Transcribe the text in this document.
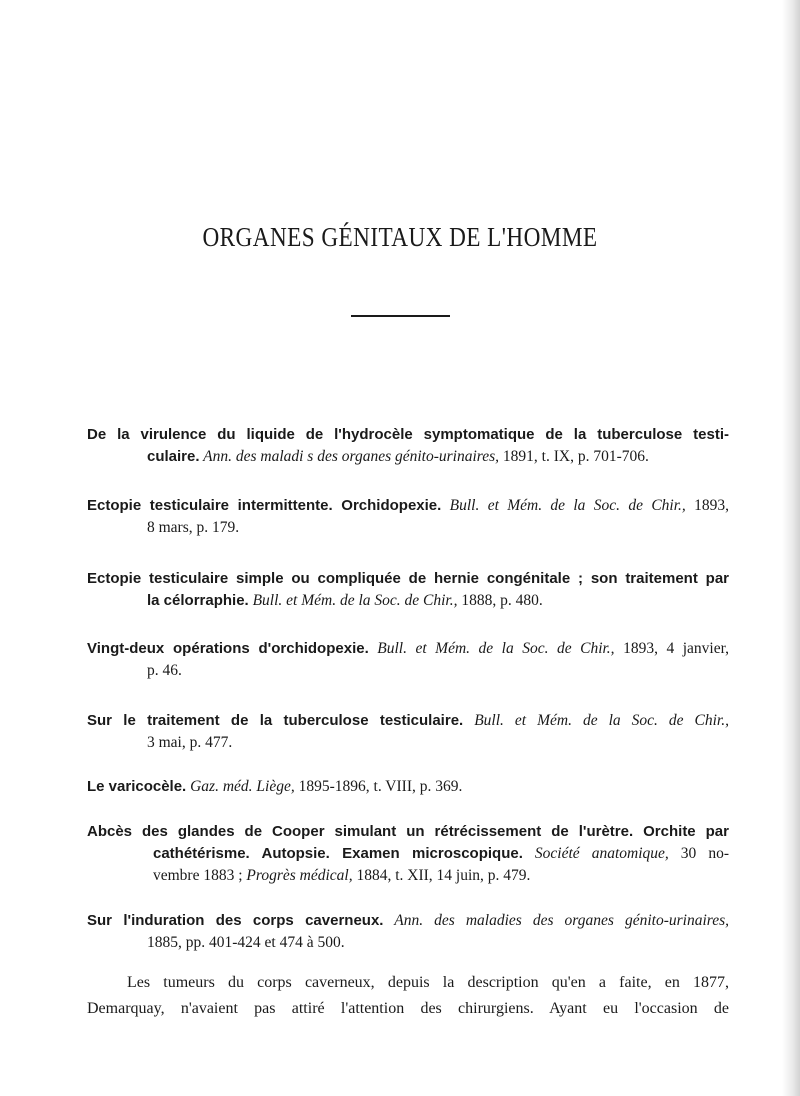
ORGANES GÉNITAUX DE L'HOMME
De la virulence du liquide de l'hydrocèle symptomatique de la tuberculose testi-
culaire. Ann. des maladi s des organes génito-urinaires, 1891, t. IX, p. 701-706.
Ectopie testiculaire intermittente. Orchidopexie. Bull. et Mém. de la Soc. de Chir., 1893,
8 mars, p. 179.
Ectopie testiculaire simple ou compliquée de hernie congénitale ; son traitement par
la célorraphie. Bull. et Mém. de la Soc. de Chir., 1888, p. 480.
Vingt-deux opérations d'orchidopexie. Bull. et Mém. de la Soc. de Chir., 1893, 4 janvier,
p. 46.
Sur le traitement de la tuberculose testiculaire. Bull. et Mém. de la Soc. de Chir.,
3 mai, p. 477.
Le varicocèle. Gaz. méd. Liège, 1895-1896, t. VIII, p. 369.
Abcès des glandes de Cooper simulant un rétrécissement de l'urètre. Orchite par
cathétérisme. Autopsie. Examen microscopique. Société anatomique, 30 no-
vembre 1883 ; Progrès médical, 1884, t. XII, 14 juin, p. 479.
Sur l'induration des corps caverneux. Ann. des maladies des organes génito-urinaires,
1885, pp. 401-424 et 474 à 500.
Les tumeurs du corps caverneux, depuis la description qu'en a faite, en 1877,
Demarquay, n'avaient pas attiré l'attention des chirurgiens. Ayant eu l'occasion de
